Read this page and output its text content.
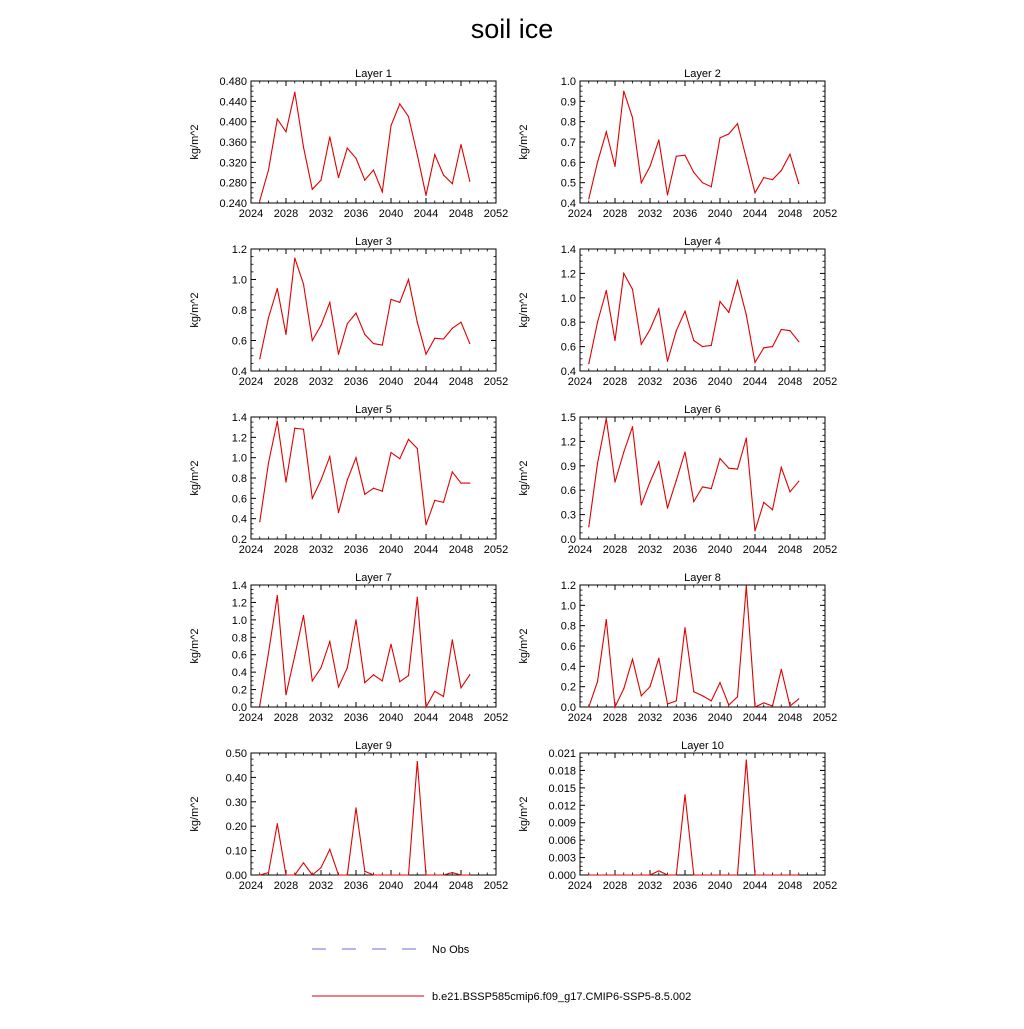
soil ice
Layer 1
kg/m^2
2024 2028 2032 2036 2040 2044 2048 2052
0.240
0.280
0.320
0.360
0.400
0.440
0.480
Layer 2
kg/m^2
2024 2028 2032 2036 2040 2044 2048 2052
0.4
0.5
0.6
0.7
0.8
0.9
1.0
Layer 3
kg/m^2
2024 2028 2032 2036 2040 2044 2048 2052
0.4
0.6
0.8
1.0
1.2
Layer 4
kg/m^2
2024 2028 2032 2036 2040 2044 2048 2052
0.4
0.6
0.8
1.0
1.2
1.4
Layer 5
kg/m^2
2024 2028 2032 2036 2040 2044 2048 2052
0.2
0.4
0.6
0.8
1.0
1.2
1.4
Layer 6
kg/m^2
2024 2028 2032 2036 2040 2044 2048 2052
0.0
0.3
0.6
0.9
1.2
1.5
Layer 7
kg/m^2
2024 2028 2032 2036 2040 2044 2048 2052
0.0
0.2
0.4
0.6
0.8
1.0
1.2
1.4
Layer 8
kg/m^2
2024 2028 2032 2036 2040 2044 2048 2052
0.0
0.2
0.4
0.6
0.8
1.0
1.2
Layer 9
kg/m^2
2024 2028 2032 2036 2040 2044 2048 2052
0.00
0.10
0.20
0.30
0.40
0.50
Layer 10
kg/m^2
2024 2028 2032 2036 2040 2044 2048 2052
0.000
0.003
0.006
0.009
0.012
0.015
0.018
0.021
No Obs
b.e21.BSSP585cmip6.f09_g17.CMIP6-SSP5-8.5.002
